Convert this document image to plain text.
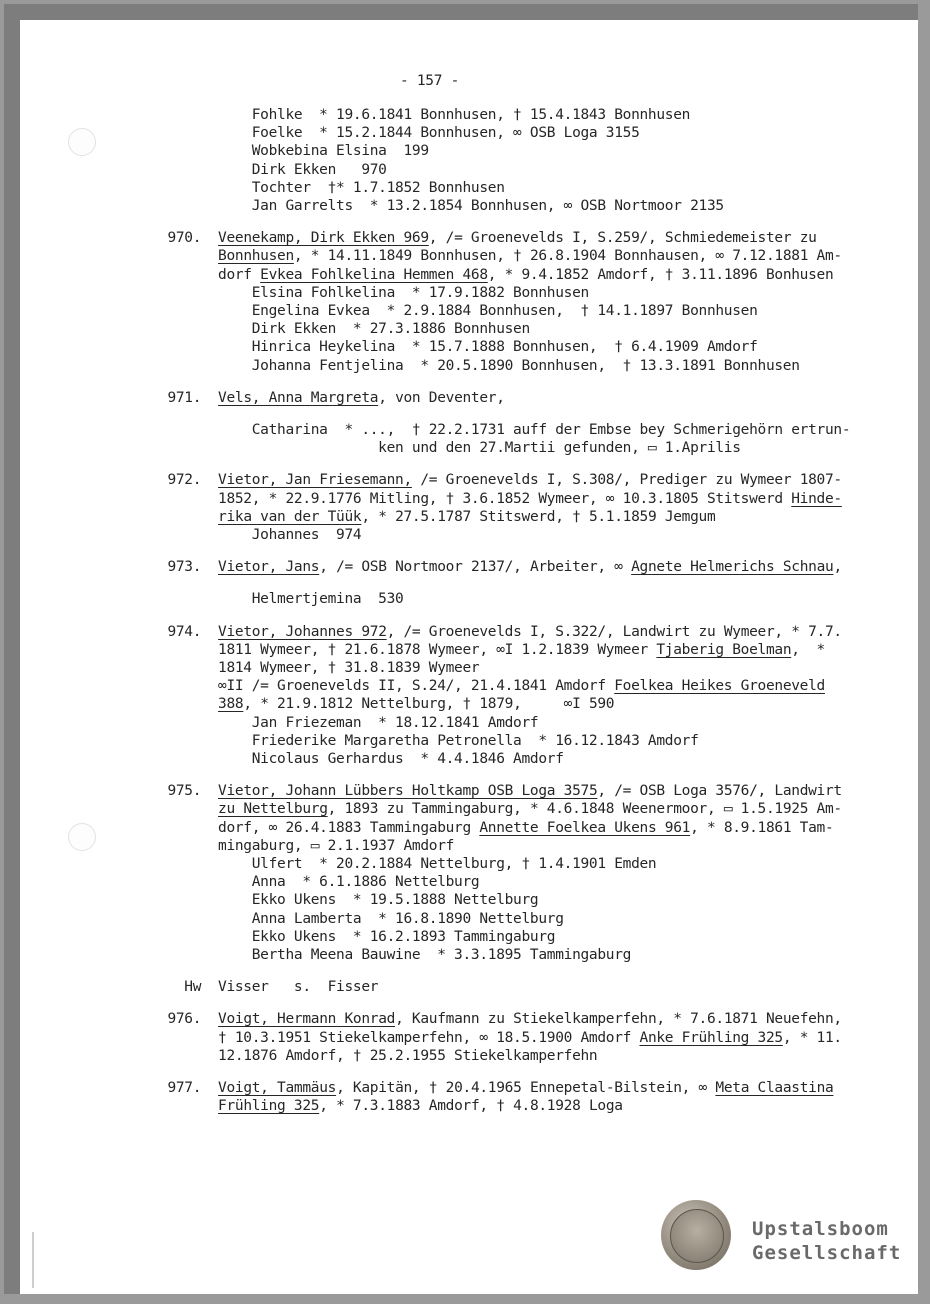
- 157 -
Fohlke  * 19.6.1841 Bonnhusen, † 15.4.1843 Bonnhusen
Foelke  * 15.2.1844 Bonnhusen, ∞ OSB Loga 3155
Wobkebina Elsina  199
Dirk Ekken   970
Tochter  †* 1.7.1852 Bonnhusen
Jan Garrelts  * 13.2.1854 Bonnhusen, ∞ OSB Nortmoor 2135
970.  Veenekamp, Dirk Ekken 969, /= Groenevelds I, S.259/, Schmiedemeister zu
Bonnhusen, * 14.11.1849 Bonnhusen, † 26.8.1904 Bonnhausen, ∞ 7.12.1881 Am-
dorf Evkea Fohlkelina Hemmen 468, * 9.4.1852 Amdorf, † 3.11.1896 Bonhusen
Elsina Fohlkelina  * 17.9.1882 Bonnhusen
Engelina Evkea  * 2.9.1884 Bonnhusen,  † 14.1.1897 Bonnhusen
Dirk Ekken  * 27.3.1886 Bonnhusen
Hinrica Heykelina  * 15.7.1888 Bonnhusen,  † 6.4.1909 Amdorf
Johanna Fentjelina  * 20.5.1890 Bonnhusen,  † 13.3.1891 Bonnhusen
971.  Vels, Anna Margreta, von Deventer,
Catharina  * ...,  † 22.2.1731 auff der Embse bey Schmerigehörn ertrun-
ken und den 27.Martii gefunden, ▭ 1.Aprilis
972.  Vietor, Jan Friesemann, /= Groenevelds I, S.308/, Prediger zu Wymeer 1807-
1852, * 22.9.1776 Mitling, † 3.6.1852 Wymeer, ∞ 10.3.1805 Stitswerd Hinde-
rika van der Tüük, * 27.5.1787 Stitswerd, † 5.1.1859 Jemgum
Johannes  974
973.  Vietor, Jans, /= OSB Nortmoor 2137/, Arbeiter, ∞ Agnete Helmerichs Schnau,
Helmertjemina  530
974.  Vietor, Johannes 972, /= Groenevelds I, S.322/, Landwirt zu Wymeer, * 7.7.
1811 Wymeer, † 21.6.1878 Wymeer, ∞I 1.2.1839 Wymeer Tjaberig Boelman,  *
1814 Wymeer, † 31.8.1839 Wymeer
∞II /= Groenevelds II, S.24/, 21.4.1841 Amdorf Foelkea Heikes Groeneveld
388, * 21.9.1812 Nettelburg, † 1879,     ∞I 590
Jan Friezeman  * 18.12.1841 Amdorf
Friederike Margaretha Petronella  * 16.12.1843 Amdorf
Nicolaus Gerhardus  * 4.4.1846 Amdorf
975.  Vietor, Johann Lübbers Holtkamp OSB Loga 3575, /= OSB Loga 3576/, Landwirt
zu Nettelburg, 1893 zu Tammingaburg, * 4.6.1848 Weenermoor, ▭ 1.5.1925 Am-
dorf, ∞ 26.4.1883 Tammingaburg Annette Foelkea Ukens 961, * 8.9.1861 Tam-
mingaburg, ▭ 2.1.1937 Amdorf
Ulfert  * 20.2.1884 Nettelburg, † 1.4.1901 Emden
Anna  * 6.1.1886 Nettelburg
Ekko Ukens  * 19.5.1888 Nettelburg
Anna Lamberta  * 16.8.1890 Nettelburg
Ekko Ukens  * 16.2.1893 Tammingaburg
Bertha Meena Bauwine  * 3.3.1895 Tammingaburg
Hw  Visser   s.  Fisser
976.  Voigt, Hermann Konrad, Kaufmann zu Stiekelkamperfehn, * 7.6.1871 Neuefehn,
† 10.3.1951 Stiekelkamperfehn, ∞ 18.5.1900 Amdorf Anke Frühling 325, * 11.
12.1876 Amdorf, † 25.2.1955 Stiekelkamperfehn
977.  Voigt, Tammäus, Kapitän, † 20.4.1965 Ennepetal-Bilstein, ∞ Meta Claastina
Frühling 325, * 7.3.1883 Amdorf, † 4.8.1928 Loga
Upstalsboom
Gesellschaft
